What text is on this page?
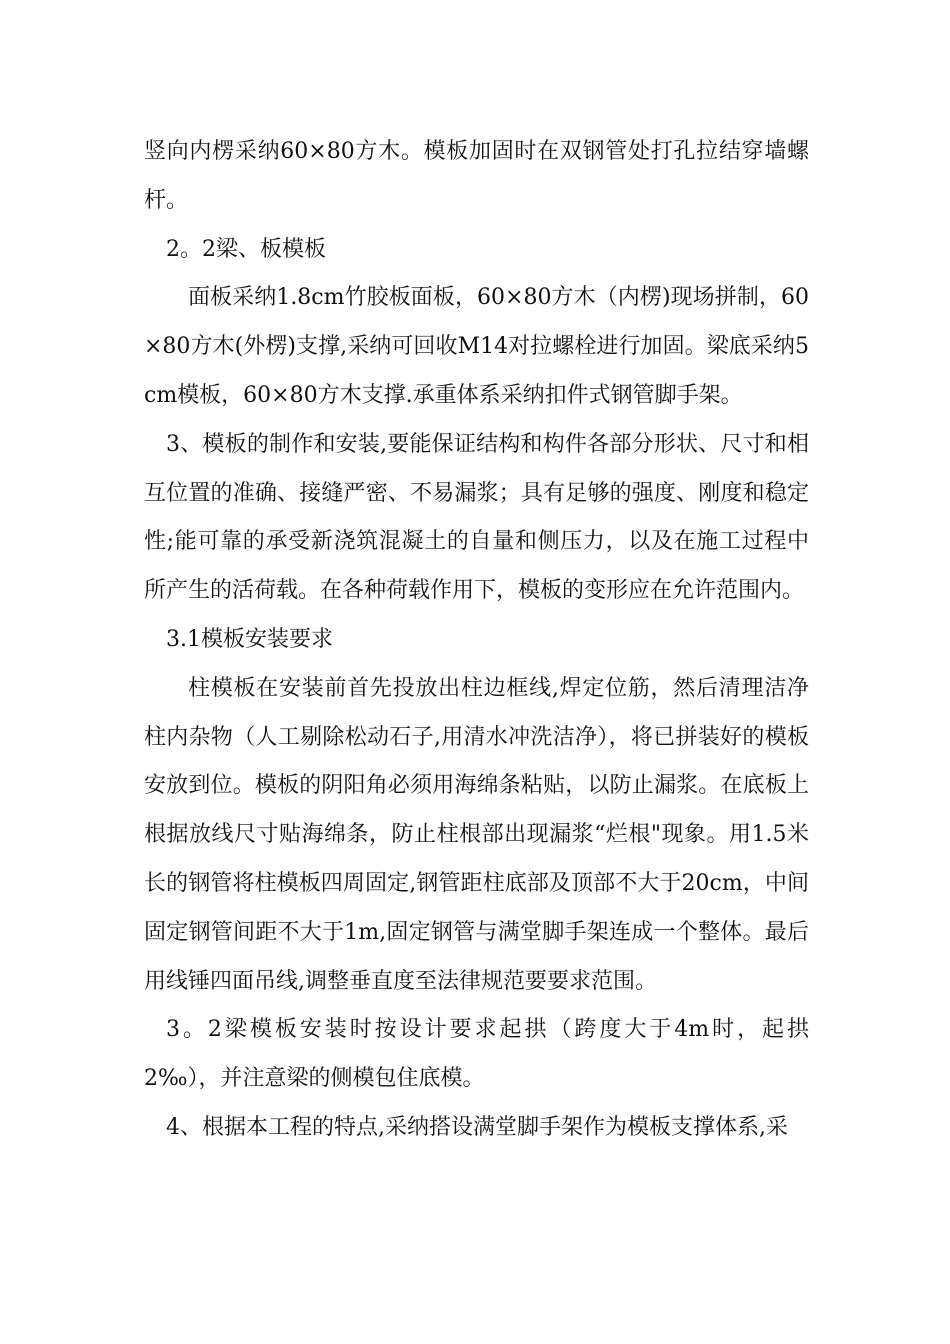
竖向内楞采纳60×80方木。模板加固时在双钢管处打孔拉结穿墙螺杆。

2。2梁、板模板

面板采纳1.8cm竹胶板面板，60×80方木（内楞)现场拼制，60×80方木(外楞)支撑,采纳可回收M14对拉螺栓进行加固。梁底采纳5cm模板，60×80方木支撑.承重体系采纳扣件式钢管脚手架。

3、模板的制作和安装,要能保证结构和构件各部分形状、尺寸和相互位置的准确、接缝严密、不易漏浆；具有足够的强度、刚度和稳定性;能可靠的承受新浇筑混凝土的自量和侧压力，以及在施工过程中所产生的活荷载。在各种荷载作用下，模板的变形应在允许范围内。

3.1模板安装要求

柱模板在安装前首先投放出柱边框线,焊定位筋，然后清理洁净柱内杂物（人工剔除松动石子,用清水冲洗洁净），将已拼装好的模板安放到位。模板的阴阳角必须用海绵条粘贴，以防止漏浆。在底板上根据放线尺寸贴海绵条，防止柱根部出现漏浆“烂根"现象。用1.5米长的钢管将柱模板四周固定,钢管距柱底部及顶部不大于20cm，中间固定钢管间距不大于1m,固定钢管与满堂脚手架连成一个整体。最后用线锤四面吊线,调整垂直度至法律规范要要求范围。

3。2梁模板安装时按设计要求起拱（跨度大于4m时，起拱2‰），并注意梁的侧模包住底模。

4、根据本工程的特点,采纳搭设满堂脚手架作为模板支撑体系,采
